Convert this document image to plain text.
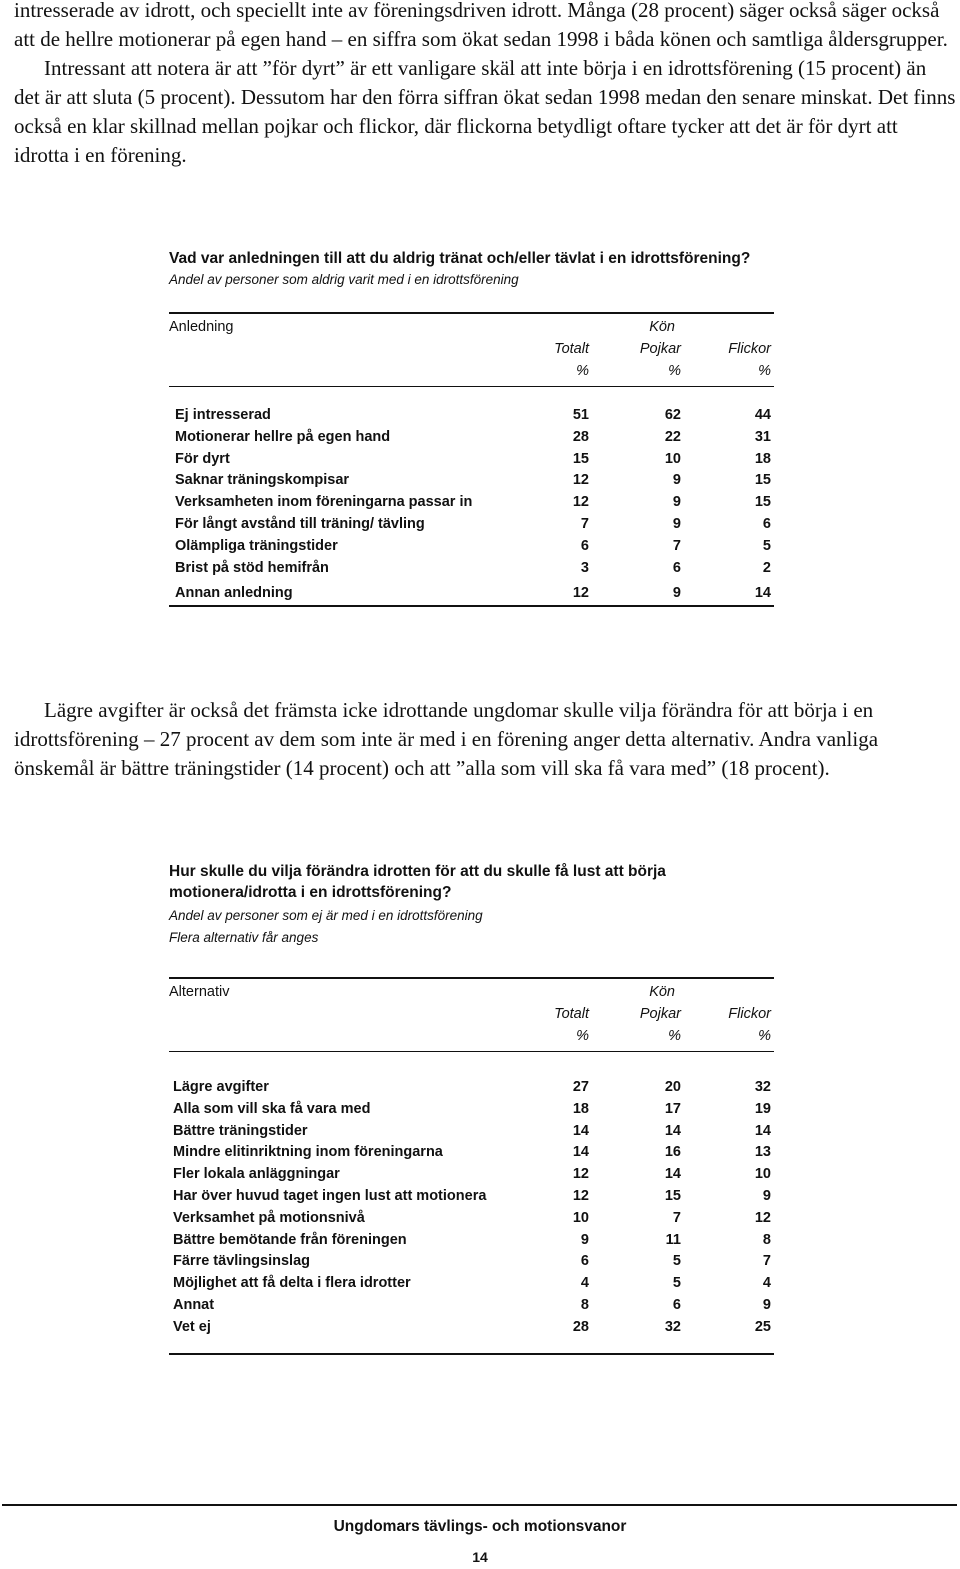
intresserade av idrott, och speciellt inte av föreningsdriven idrott. Många (28 procent) säger också säger också att de hellre motionerar på egen hand – en siffra som ökat sedan 1998 i båda könen och samtliga åldersgrupper.
Intressant att notera är att ”för dyrt” är ett vanligare skäl att inte börja i en idrottsförening (15 procent) än det är att sluta (5 procent). Dessutom har den förra siffran ökat sedan 1998 medan den senare minskat. Det finns också en klar skillnad mellan pojkar och flickor, där flickorna betydligt oftare tycker att det är för dyrt att idrotta i en förening.
Vad var anledningen till att du aldrig tränat och/eller tävlat i en idrottsförening?
Andel av personer som aldrig varit med i en idrottsförening
Anledning	Kön
Totalt	Pojkar	Flickor
%	%	%
Ej intresserad	51	62	44
Motionerar hellre på egen hand	28	22	31
För dyrt	15	10	18
Saknar träningskompisar	12	9	15
Verksamheten inom föreningarna passar in	12	9	15
För långt avstånd till träning/ tävling	7	9	6
Olämpliga träningstider	6	7	5
Brist på stöd hemifrån	3	6	2
Annan anledning	12	9	14
Lägre avgifter är också det främsta icke idrottande ungdomar skulle vilja förändra för att börja i en idrottsförening – 27 procent av dem som inte är med i en förening anger detta alternativ. Andra vanliga önskemål är bättre träningstider (14 procent) och att ”alla som vill ska få vara med” (18 procent).
Hur skulle du vilja förändra idrotten för att du skulle få lust att börja motionera/idrotta i en idrottsförening?
Andel av personer som ej är med i en idrottsförening
Flera alternativ får anges
Alternativ	Kön
Totalt	Pojkar	Flickor
%	%	%
Lägre avgifter	27	20	32
Alla som vill ska få vara med	18	17	19
Bättre träningstider	14	14	14
Mindre elitinriktning inom föreningarna	14	16	13
Fler lokala anläggningar	12	14	10
Har över huvud taget ingen lust att motionera	12	15	9
Verksamhet på motionsnivå	10	7	12
Bättre bemötande från föreningen	9	11	8
Färre tävlingsinslag	6	5	7
Möjlighet att få delta i flera idrotter	4	5	4
Annat	8	6	9
Vet ej	28	32	25
Ungdomars tävlings- och motionsvanor
14
